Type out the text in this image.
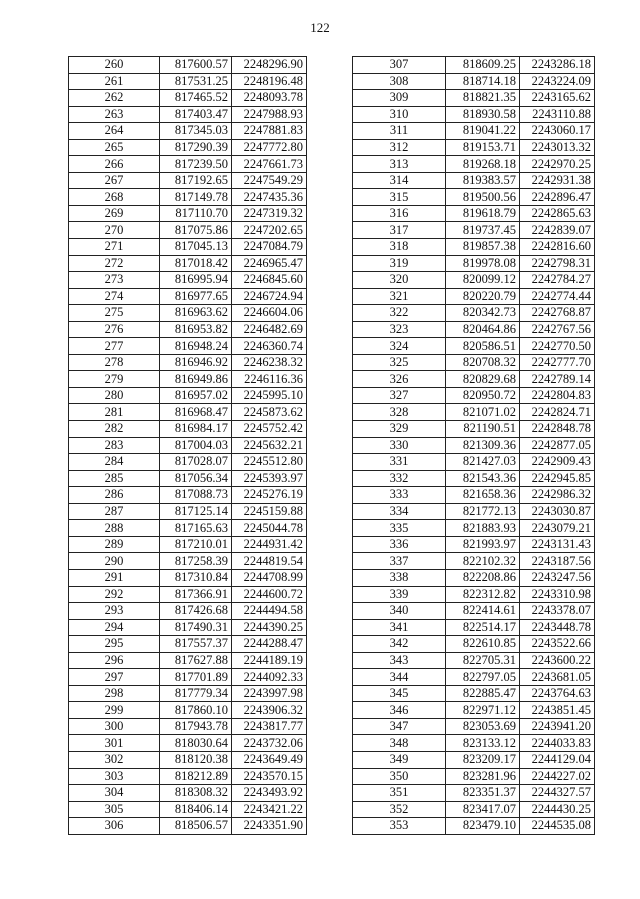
122
260	817600.57	2248296.90
261	817531.25	2248196.48
262	817465.52	2248093.78
263	817403.47	2247988.93
264	817345.03	2247881.83
265	817290.39	2247772.80
266	817239.50	2247661.73
267	817192.65	2247549.29
268	817149.78	2247435.36
269	817110.70	2247319.32
270	817075.86	2247202.65
271	817045.13	2247084.79
272	817018.42	2246965.47
273	816995.94	2246845.60
274	816977.65	2246724.94
275	816963.62	2246604.06
276	816953.82	2246482.69
277	816948.24	2246360.74
278	816946.92	2246238.32
279	816949.86	2246116.36
280	816957.02	2245995.10
281	816968.47	2245873.62
282	816984.17	2245752.42
283	817004.03	2245632.21
284	817028.07	2245512.80
285	817056.34	2245393.97
286	817088.73	2245276.19
287	817125.14	2245159.88
288	817165.63	2245044.78
289	817210.01	2244931.42
290	817258.39	2244819.54
291	817310.84	2244708.99
292	817366.91	2244600.72
293	817426.68	2244494.58
294	817490.31	2244390.25
295	817557.37	2244288.47
296	817627.88	2244189.19
297	817701.89	2244092.33
298	817779.34	2243997.98
299	817860.10	2243906.32
300	817943.78	2243817.77
301	818030.64	2243732.06
302	818120.38	2243649.49
303	818212.89	2243570.15
304	818308.32	2243493.92
305	818406.14	2243421.22
306	818506.57	2243351.90
307	818609.25	2243286.18
308	818714.18	2243224.09
309	818821.35	2243165.62
310	818930.58	2243110.88
311	819041.22	2243060.17
312	819153.71	2243013.32
313	819268.18	2242970.25
314	819383.57	2242931.38
315	819500.56	2242896.47
316	819618.79	2242865.63
317	819737.45	2242839.07
318	819857.38	2242816.60
319	819978.08	2242798.31
320	820099.12	2242784.27
321	820220.79	2242774.44
322	820342.73	2242768.87
323	820464.86	2242767.56
324	820586.51	2242770.50
325	820708.32	2242777.70
326	820829.68	2242789.14
327	820950.72	2242804.83
328	821071.02	2242824.71
329	821190.51	2242848.78
330	821309.36	2242877.05
331	821427.03	2242909.43
332	821543.36	2242945.85
333	821658.36	2242986.32
334	821772.13	2243030.87
335	821883.93	2243079.21
336	821993.97	2243131.43
337	822102.32	2243187.56
338	822208.86	2243247.56
339	822312.82	2243310.98
340	822414.61	2243378.07
341	822514.17	2243448.78
342	822610.85	2243522.66
343	822705.31	2243600.22
344	822797.05	2243681.05
345	822885.47	2243764.63
346	822971.12	2243851.45
347	823053.69	2243941.20
348	823133.12	2244033.83
349	823209.17	2244129.04
350	823281.96	2244227.02
351	823351.37	2244327.57
352	823417.07	2244430.25
353	823479.10	2244535.08
